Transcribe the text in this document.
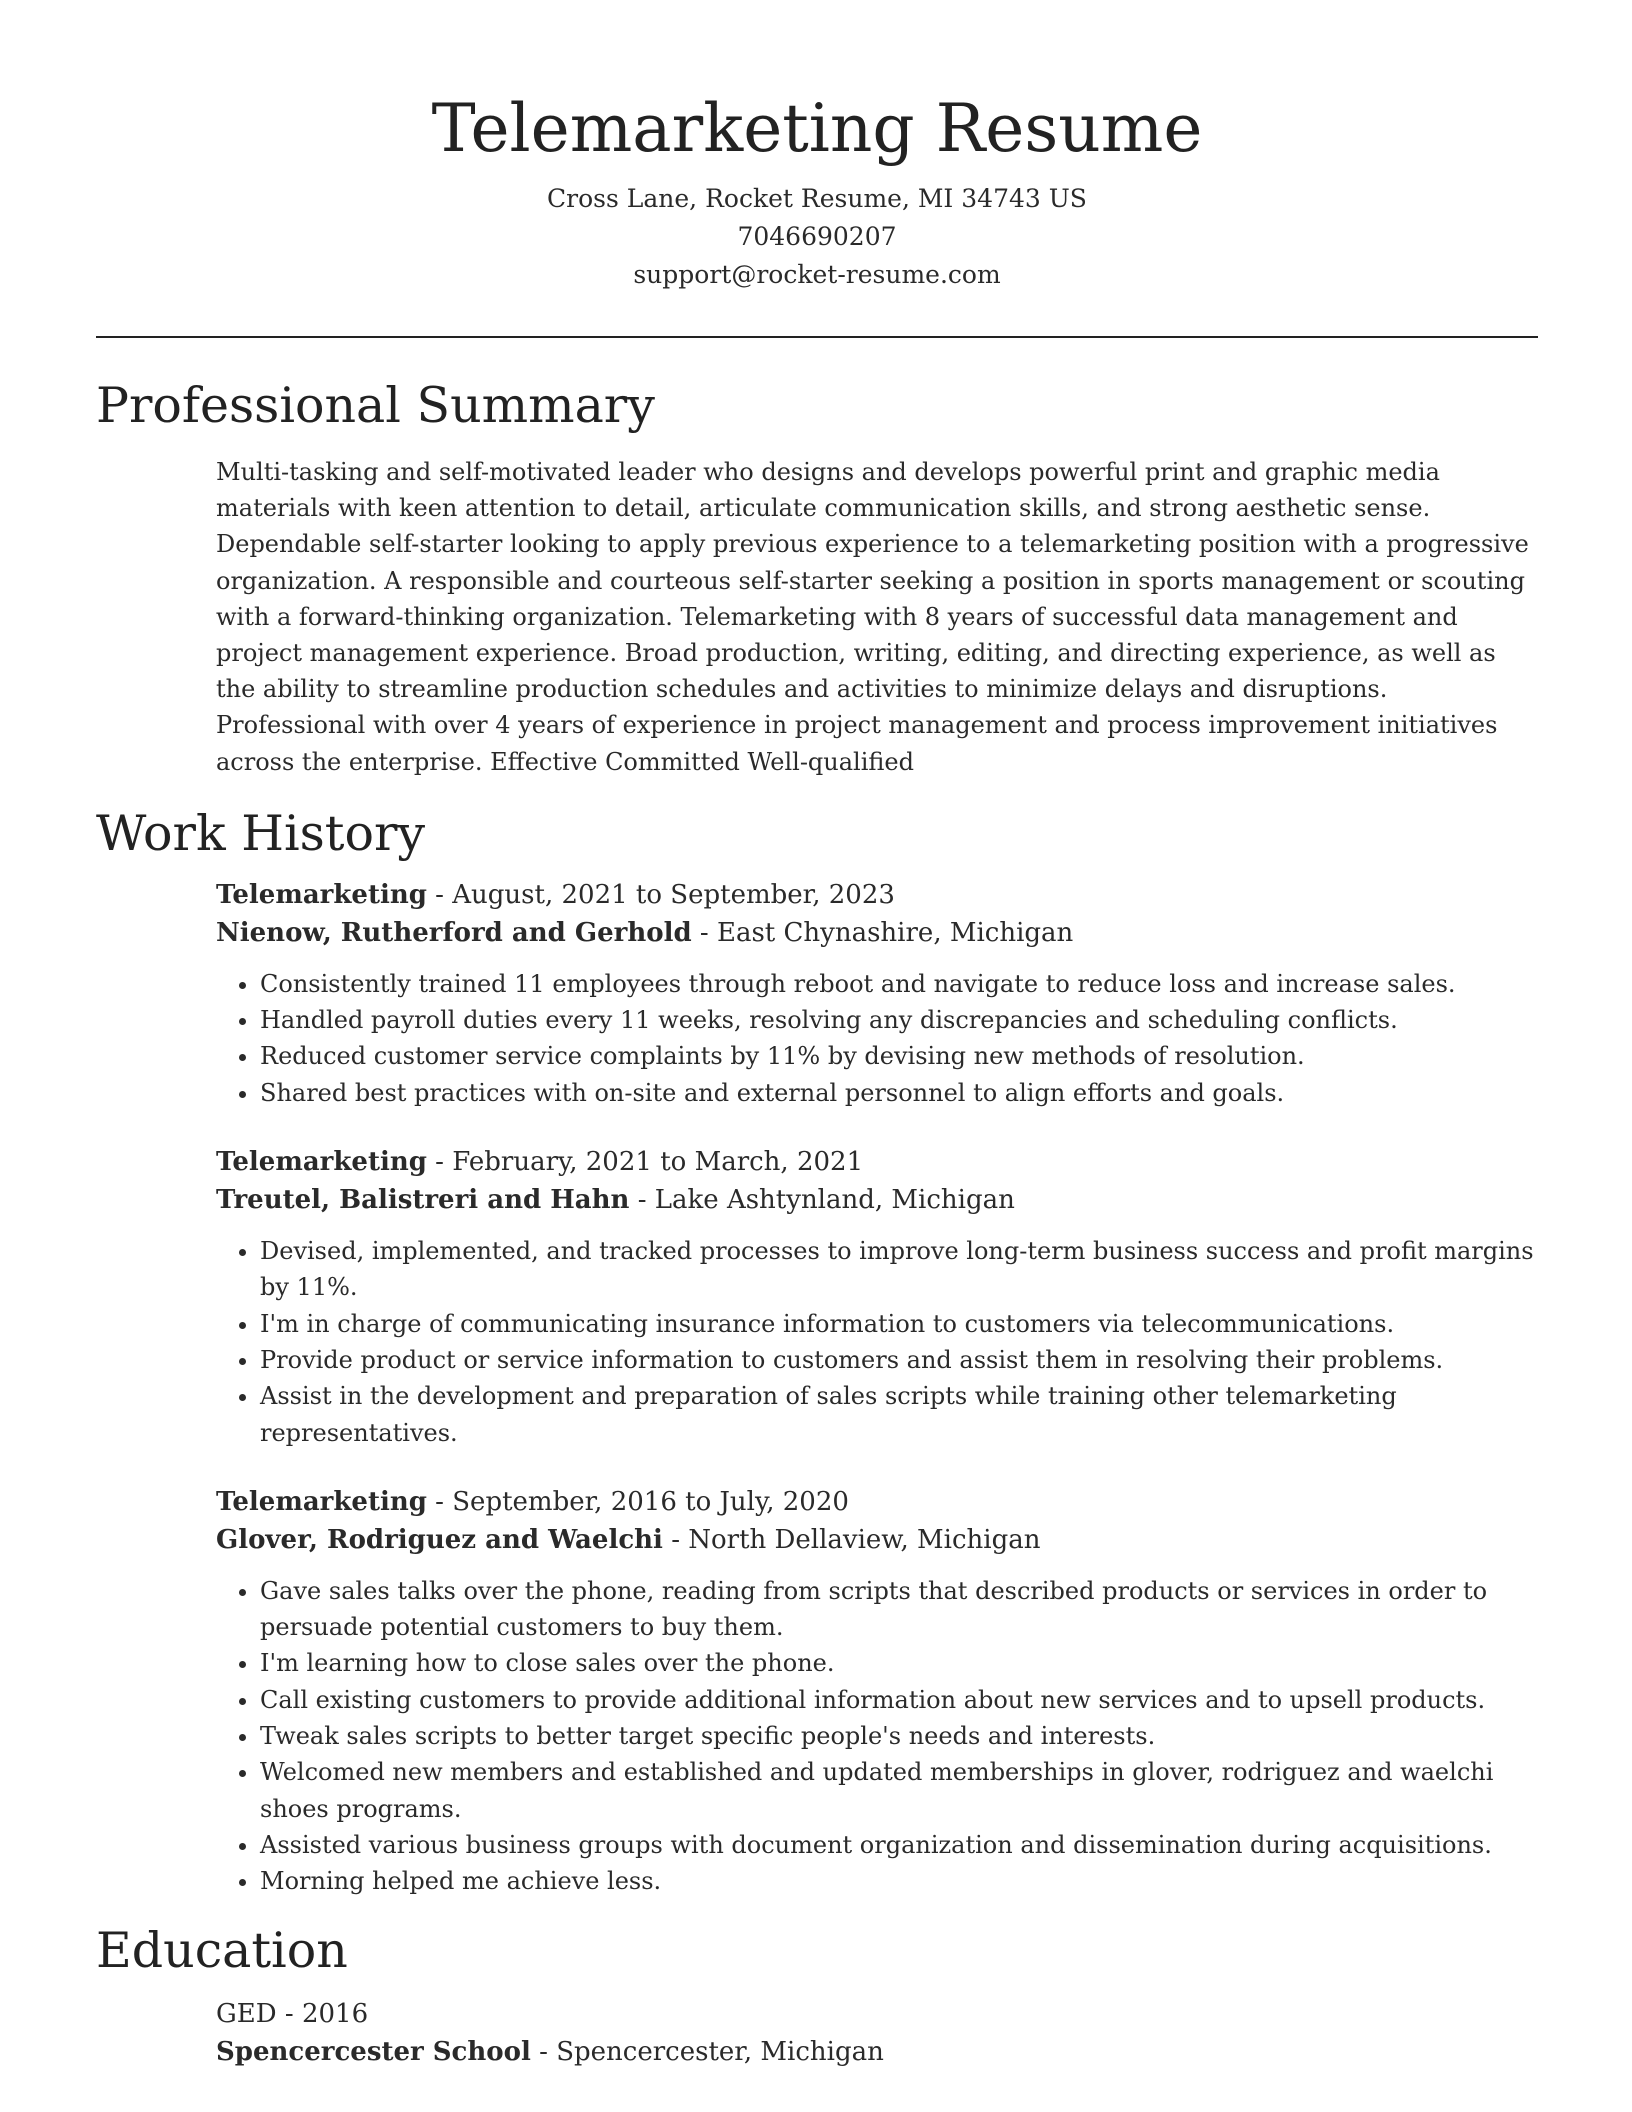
Telemarketing Resume
Cross Lane, Rocket Resume, MI 34743 US
7046690207
support@rocket-resume.com
Professional Summary

Multi-tasking and self-motivated leader who designs and develops powerful print and graphic media materials with keen attention to detail, articulate communication skills, and strong aesthetic sense. Dependable self-starter looking to apply previous experience to a telemarketing position with a progressive organization. A responsible and courteous self-starter seeking a position in sports management or scouting with a forward-thinking organization. Telemarketing with 8 years of successful data management and project management experience. Broad production, writing, editing, and directing experience, as well as the ability to streamline production schedules and activities to minimize delays and disruptions. Professional with over 4 years of experience in project management and process improvement initiatives across the enterprise. Effective Committed Well-qualified

Work History
Telemarketing - August, 2021 to September, 2023
Nienow, Rutherford and Gerhold - East Chynashire, Michigan
• Consistently trained 11 employees through reboot and navigate to reduce loss and increase sales.
• Handled payroll duties every 11 weeks, resolving any discrepancies and scheduling conflicts.
• Reduced customer service complaints by 11% by devising new methods of resolution.
• Shared best practices with on-site and external personnel to align efforts and goals.
Telemarketing - February, 2021 to March, 2021
Treutel, Balistreri and Hahn - Lake Ashtynland, Michigan
• Devised, implemented, and tracked processes to improve long-term business success and profit margins by 11%.
• I'm in charge of communicating insurance information to customers via telecommunications.
• Provide product or service information to customers and assist them in resolving their problems.
• Assist in the development and preparation of sales scripts while training other telemarketing representatives.
Telemarketing - September, 2016 to July, 2020
Glover, Rodriguez and Waelchi - North Dellaview, Michigan
• Gave sales talks over the phone, reading from scripts that described products or services in order to persuade potential customers to buy them.
• I'm learning how to close sales over the phone.
• Call existing customers to provide additional information about new services and to upsell products.
• Tweak sales scripts to better target specific people's needs and interests.
• Welcomed new members and established and updated memberships in glover, rodriguez and waelchi shoes programs.
• Assisted various business groups with document organization and dissemination during acquisitions.
• Morning helped me achieve less.
Education
GED - 2016
Spencercester School - Spencercester, Michigan
